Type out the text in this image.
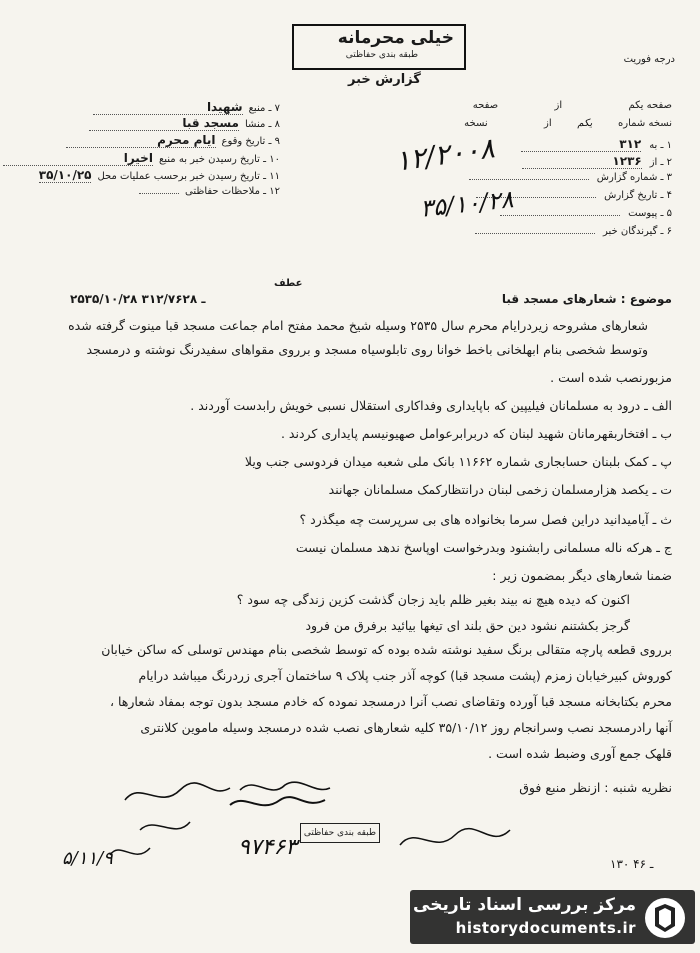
خیلی محرمانه
طبقه بندی حفاظتی	درجه فوریت
گزارش خبر
۷ ـ منبعشهیدا
۸ ـ منشامسجد قبا
۹ ـ تاریخ وقوعایام محرم
۱۰ ـ تاریخ رسیدن خبر به منبعاخیرا
۱۱ ـ تاریخ رسیدن خبر برحسب عملیات محل۳۵/۱۰/۲۵
۱۲ ـ ملاحظات حفاظتی
صفحه یکم  از  صفحه
نسخه شماره یکم از  نسخه
۱ ـ به۳۱۲
۲ ـ از۱۲۳۶
۳ ـ شماره گزارش
۴ ـ تاریخ گزارش
۵ ـ پیوست
۶ ـ گیرندگان خبر
۱۲/۲۰۰۸
۳۵/۱۰/۲۸
موضوع : شعارهای مسجد قبا
عطف
۲۵۳۵/۱۰/۲۸ ـ ۳۱۲/۷۶۲۸
شعارهای مشروحه زیردرایام محرم سال ۲۵۳۵ وسیله شیخ محمد مفتح امام جماعت مسجد قبا مینوت گرفته شده
وتوسط شخصی بنام ابهلخانی باخط خوانا روی تابلوسیاه مسجد و برروی مقواهای سفیدرنگ نوشته و درمسجد
مزبورنصب شده است .
الف ـ درود به مسلمانان فیلیپین که باپایداری وفداکاری استقلال نسبی خویش رابدست آوردند .
ب ـ افتخاربقهرمانان شهید لبنان که دربرابرعوامل صهیونیسم پایداری کردند .
پ ـ کمک بلبنان حسابجاری شماره ۱۱۶۶۲ بانک ملی شعبه میدان فردوسی جنب ویلا
ت ـ یکصد هزارمسلمان زخمی لبنان درانتظارکمک مسلمانان جهانند
ث ـ آیامیدانید دراین فصل سرما بخانواده های بی سرپرست چه میگذرد ؟
ج ـ هرکه ناله مسلمانی رابشنود وبدرخواست اوپاسخ ندهد مسلمان نیست
ضمنا شعارهای دیگر بمضمون زیر :
اکنون که دیده هیچ نه بیند بغیر ظلم باید زجان گذشت کزین زندگی چه سود ؟
گرجز بکشتنم نشود دین حق بلند ای تیغها بیائید برفرق من فرود
برروی قطعه پارچه متقالی برنگ سفید نوشته شده بوده که توسط شخصی بنام مهندس توسلی که ساکن خیابان
کوروش کبیرخیابان زمزم (پشت مسجد قبا) کوچه آذر جنب پلاک ۹ ساختمان آجری زردرنگ میباشد درایام
محرم بکتابخانه مسجد قبا آورده وتقاضای نصب آنرا درمسجد نموده که خادم مسجد بدون توجه بمفاد شعارها ،
آنها رادرمسجد نصب وسرانجام روز ۳۵/۱۰/۱۲ کلیه شعارهای نصب شده درمسجد وسیله ماموین کلانتری
قلهک جمع آوری وضبط شده است .
نظریه شنبه : ازنظر منبع فوق
طبقه بندی حفاظتی
۹۷۴۶۳
۵/۱۱/۹	۱۳۰ ـ ۴۶
مرکز بررسی اسناد تاریخی
historydocuments.ir
